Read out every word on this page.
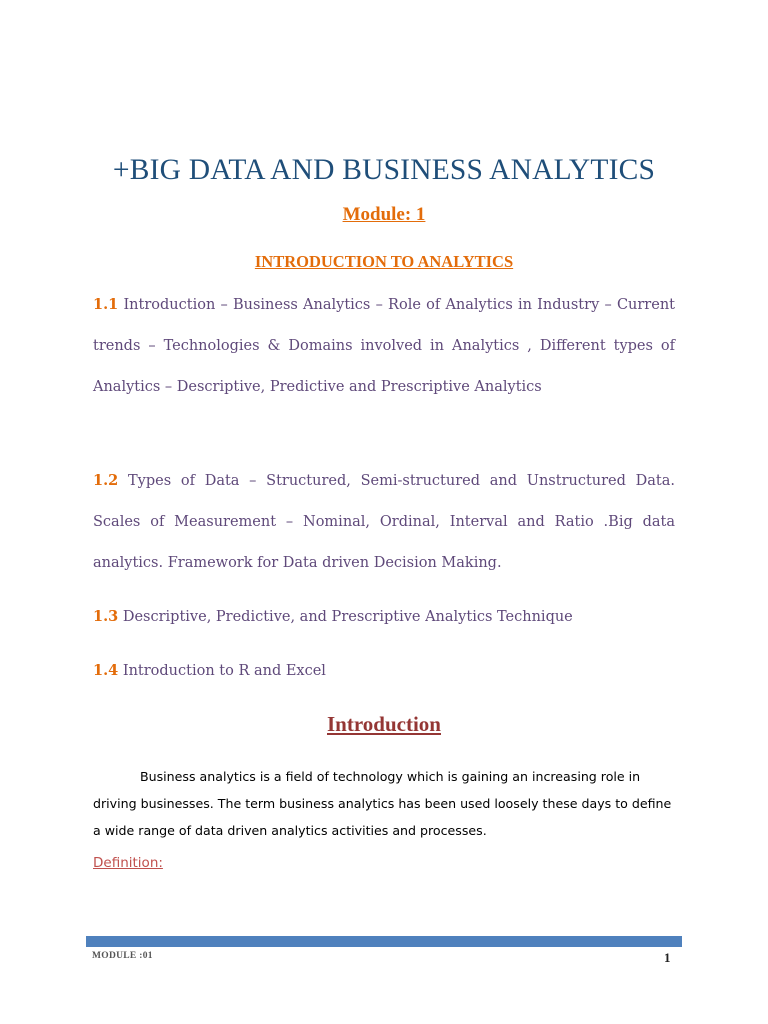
+BIG DATA AND BUSINESS ANALYTICS
Module: 1
INTRODUCTION TO ANALYTICS

1.1 Introduction – Business Analytics – Role of Analytics in Industry – Current trends – Technologies & Domains involved in Analytics , Different types of Analytics – Descriptive, Predictive and Prescriptive Analytics

1.2 Types of Data – Structured, Semi-structured and Unstructured Data. Scales of Measurement – Nominal, Ordinal, Interval and Ratio .Big data analytics. Framework for Data driven Decision Making.

1.3 Descriptive, Predictive, and Prescriptive Analytics Technique

1.4 Introduction to R and Excel

Introduction

Business analytics is a field of technology which is gaining an increasing role in driving businesses. The term business analytics has been used loosely these days to define a wide range of data driven analytics activities and processes.

Definition:
MODULE :01	1
